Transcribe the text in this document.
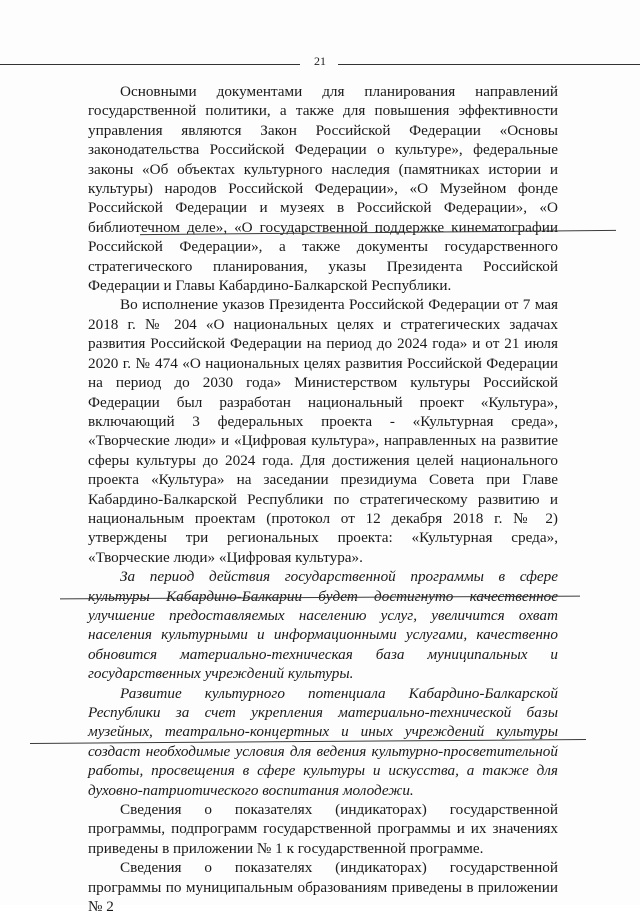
21

Основными документами для планирования направлений государственной политики, а также для повышения эффективности управления являются Закон Российской Федерации «Основы законодательства Российской Федерации о культуре», федеральные законы «Об объектах культурного наследия (памятниках истории и культуры) народов Российской Федерации», «О Музейном фонде Российской Федерации и музеях в Российской Федерации», «О библиотечном деле», «О государственной поддержке кинематографии Российской Федерации», а также документы государственного стратегического планирования, указы Президента Российской Федерации и Главы Кабардино-Балкарской Республики.

Во исполнение указов Президента Российской Федерации от 7 мая 2018 г. № 204 «О национальных целях и стратегических задачах развития Российской Федерации на период до 2024 года» и от 21 июля 2020 г. № 474 «О национальных целях развития Российской Федерации на период до 2030 года» Министерством культуры Российской Федерации был разработан национальный проект «Культура», включающий 3 федеральных проекта - «Культурная среда», «Творческие люди» и «Цифровая культура», направленных на развитие сферы культуры до 2024 года. Для достижения целей национального проекта «Культура» на заседании президиума Совета при Главе Кабардино-Балкарской Республики по стратегическому развитию и национальным проектам (протокол от 12 декабря 2018 г. № 2) утверждены три региональных проекта: «Культурная среда», «Творческие люди» «Цифровая культура».

За период действия государственной программы в сфере культуры Кабардино-Балкарии будет достигнуто качественное улучшение предоставляемых населению услуг, увеличится охват населения культурными и информационными услугами, качественно обновится материально-техническая база муниципальных и государственных учреждений культуры.

Развитие культурного потенциала Кабардино-Балкарской Республики за счет укрепления материально-технической базы музейных, театрально-концертных и иных учреждений культуры создаст необходимые условия для ведения культурно-просветительной работы, просвещения в сфере культуры и искусства, а также для духовно-патриотического воспитания молодежи.

Сведения о показателях (индикаторах) государственной программы, подпрограмм государственной программы и их значениях приведены в приложении № 1 к государственной программе.

Сведения о показателях (индикаторах) государственной программы по муниципальным образованиям приведены в приложении № 2
